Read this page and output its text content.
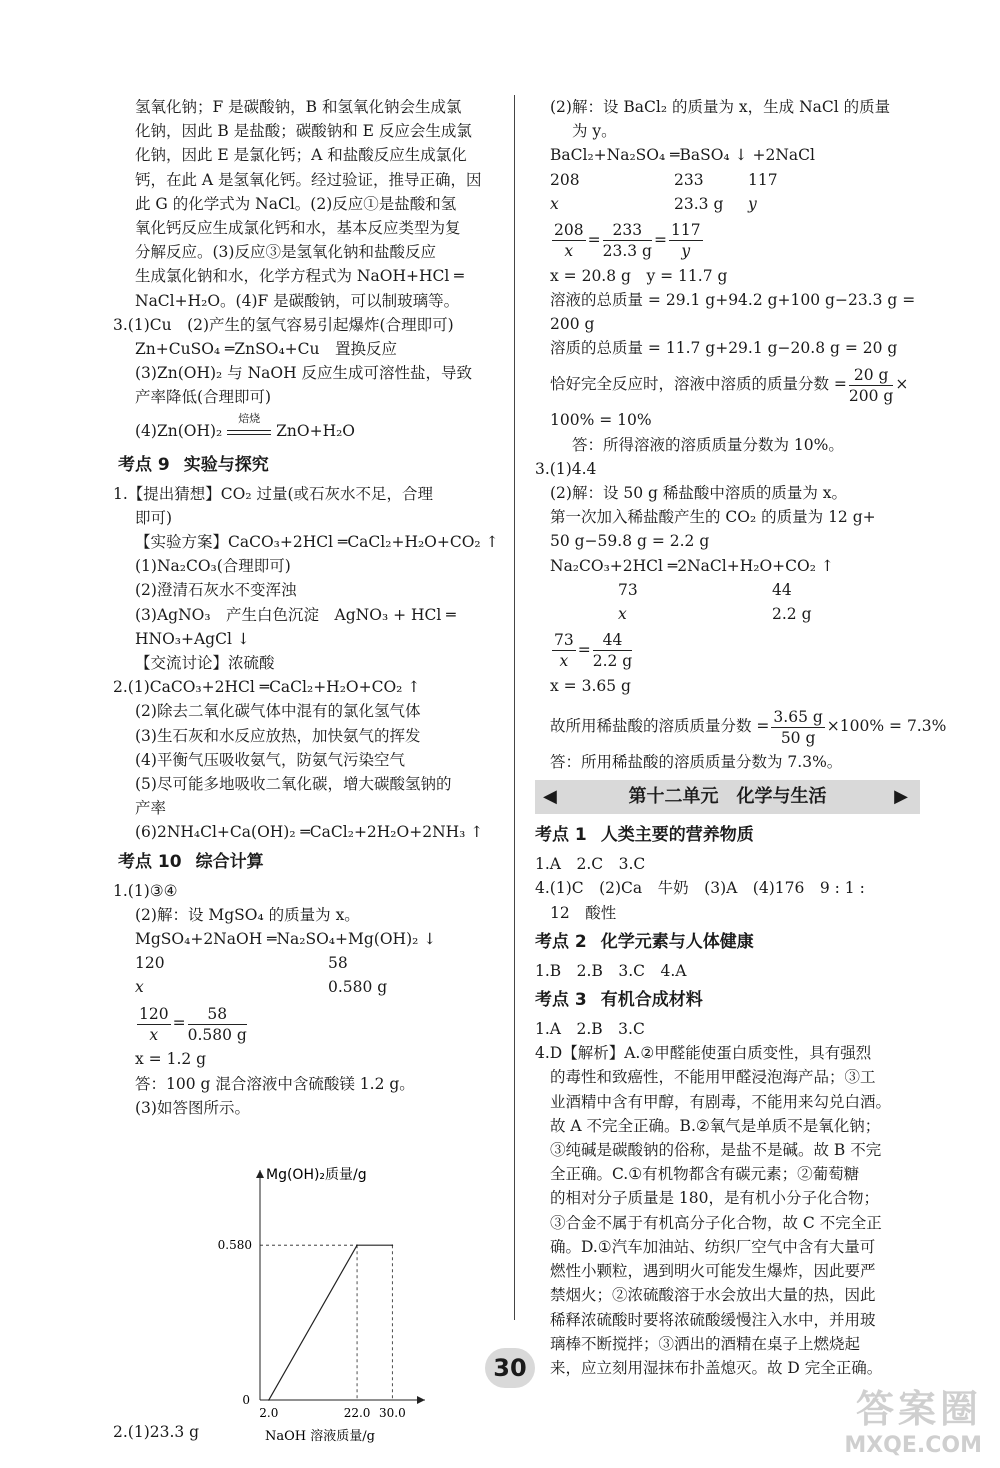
氢氧化钠；F 是碳酸钠，B 和氢氧化钠会生成氯
化钠，因此 B 是盐酸；碳酸钠和 E 反应会生成氯
化钠，因此 E 是氯化钙；A 和盐酸反应生成氯化
钙，在此 A 是氢氧化钙。经过验证，推导正确，因
此 G 的化学式为 NaCl。(2)反应①是盐酸和氢
氧化钙反应生成氯化钙和水，基本反应类型为复
分解反应。(3)反应③是氢氧化钠和盐酸反应
生成氯化钠和水，化学方程式为 NaOH+HCl ═
NaCl+H₂O。(4)F 是碳酸钠，可以制玻璃等。
3.(1)Cu　(2)产生的氢气容易引起爆炸(合理即可)
Zn+CuSO₄ ═ZnSO₄+Cu　置换反应
(3)Zn(OH)₂ 与 NaOH 反应生成可溶性盐，导致
产率降低(合理即可)
(4)Zn(OH)₂
焙烧
ZnO+H₂O
考点 9 实验与探究
1.【提出猜想】CO₂ 过量(或石灰水不足，合理
即可)
【实验方案】CaCO₃+2HCl ═CaCl₂+H₂O+CO₂ ↑
(1)Na₂CO₃(合理即可)
(2)澄清石灰水不变浑浊
(3)AgNO₃　产生白色沉淀　AgNO₃ + HCl ═
HNO₃+AgCl ↓
【交流讨论】浓硫酸
2.(1)CaCO₃+2HCl ═CaCl₂+H₂O+CO₂ ↑
(2)除去二氧化碳气体中混有的氯化氢气体
(3)生石灰和水反应放热，加快氨气的挥发
(4)平衡气压吸收氨气，防氨气污染空气
(5)尽可能多地吸收二氧化碳，增大碳酸氢钠的
产率
(6)2NH₄Cl+Ca(OH)₂ ═CaCl₂+2H₂O+2NH₃ ↑
考点 10 综合计算
1.(1)③④
(2)解：设 MgSO₄ 的质量为 x。
MgSO₄+2NaOH ═Na₂SO₄+Mg(OH)₂ ↓
120	58
x	0.580 g
$\frac{120}{x} = \frac{58}{0.580 g}$
x = 1.2 g
答：100 g 混合溶液中含硫酸镁 1.2 g。
(3)如答图所示。
2.0	22.0 30.0
0.580
0
Mg(OH)₂质量/g
NaOH 溶液质量/g
2.(1)23.3 g
(2)解：设 BaCl₂ 的质量为 x，生成 NaCl 的质量
为 y。
BaCl₂+Na₂SO₄ ═BaSO₄ ↓ +2NaCl
208	233	117
x	23.3 g y
$\frac{208}{x} = \frac{233}{23.3 g} = \frac{117}{y}$
x = 20.8 g　y = 11.7 g
溶液的总质量 = 29.1 g+94.2 g+100 g−23.3 g =
200 g
溶质的总质量 = 11.7 g+29.1 g−20.8 g = 20 g
恰好完全反应时，溶液中溶质的质量分数 = $\frac{20 g}{200 g}$ ×
100% = 10%
答：所得溶液的溶质质量分数为 10%。
3.(1)4.4
(2)解：设 50 g 稀盐酸中溶质的质量为 x。
第一次加入稀盐酸产生的 CO₂ 的质量为 12 g+
50 g−59.8 g = 2.2 g
Na₂CO₃+2HCl ═2NaCl+H₂O+CO₂ ↑
73	44
x	2.2 g
$\frac{73}{x} = \frac{44}{2.2 g}$
x = 3.65 g
故所用稀盐酸的溶质质量分数 = $\frac{3.65 g}{50 g} \times 100\% = 7.3\%$
答：所用稀盐酸的溶质质量分数为 7.3%。
◀	第十二单元　化学与生活	▶
考点 1 人类主要的营养物质
1.A　2.C　3.C
4.(1)C　(2)Ca　牛奶　(3)A　(4)176　9 : 1 :
12　酸性
考点 2 化学元素与人体健康
1.B　2.B　3.C　4.A
考点 3 有机合成材料
1.A　2.B　3.C
4.D【解析】A.②甲醛能使蛋白质变性，具有强烈
的毒性和致癌性，不能用甲醛浸泡海产品；③工
业酒精中含有甲醇，有剧毒，不能用来勾兑白酒。
故 A 不完全正确。B.②氧气是单质不是氧化钠；
③纯碱是碳酸钠的俗称，是盐不是碱。故 B 不完
全正确。C.①有机物都含有碳元素；②葡萄糖
的相对分子质量是 180，是有机小分子化合物；
③合金不属于有机高分子化合物，故 C 不完全正
确。D.①汽车加油站、纺织厂空气中含有大量可
燃性小颗粒，遇到明火可能发生爆炸，因此要严
禁烟火；②浓硫酸溶于水会放出大量的热，因此
稀释浓硫酸时要将浓硫酸缓慢注入水中，并用玻
璃棒不断搅拌；③洒出的酒精在桌子上燃烧起
来，应立刻用湿抹布扑盖熄灭。故 D 完全正确。
30
答案圈
MXQE.COM
